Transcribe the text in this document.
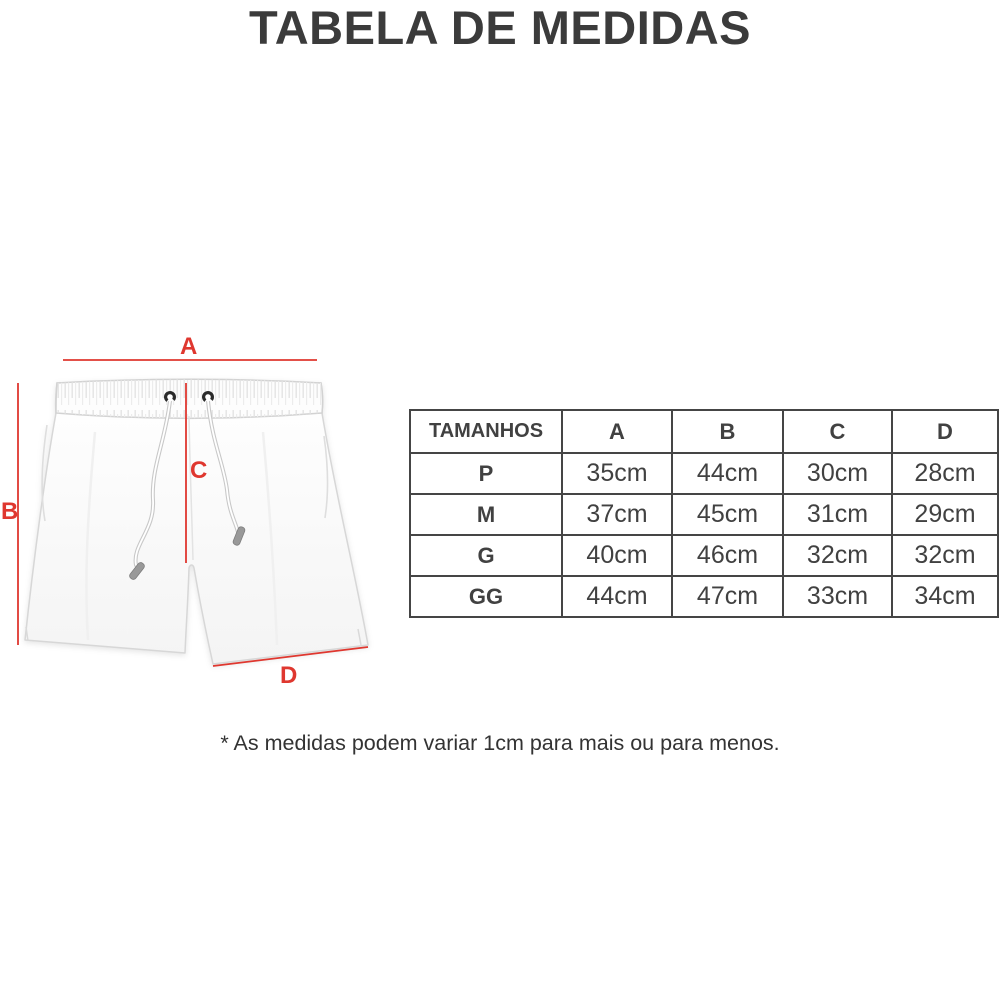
TABELA DE MEDIDAS
A
B
C
D
TAMANHOS	A	B	C	D
P	35cm	44cm	30cm	28cm
M	37cm	45cm	31cm	29cm
G	40cm	46cm	32cm	32cm
GG	44cm	47cm	33cm	34cm

* As medidas podem variar 1cm para mais ou para menos.
